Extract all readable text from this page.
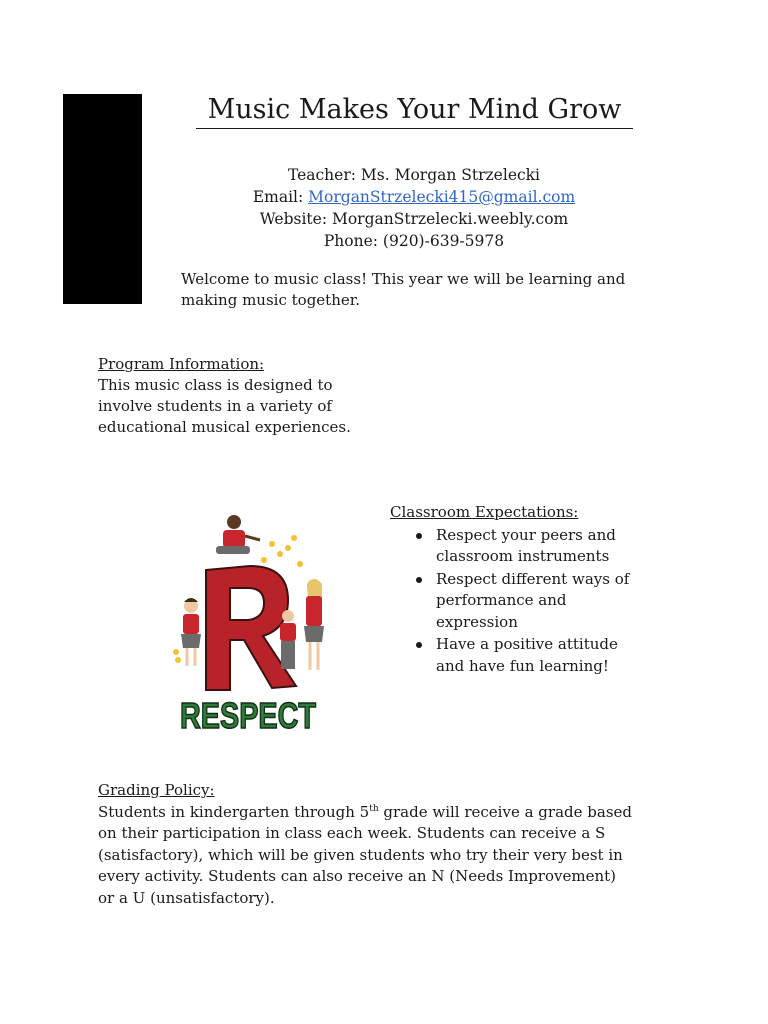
Music Makes Your Mind Grow
Teacher: Ms. Morgan Strzelecki
Email: MorganStrzelecki415@gmail.com
Website: MorganStrzelecki.weebly.com
Phone: (920)-639-5978
Welcome to music class! This year we will be learning and
making music together.
Program Information:
This music class is designed to
involve students in a variety of
educational musical experiences.
RESPECT
Classroom Expectations:
Respect your peers and
classroom instruments
Respect different ways of
performance and
expression
Have a positive attitude
and have fun learning!
Grading Policy:
Students in kindergarten through 5th grade will receive a grade based
on their participation in class each week. Students can receive a S
(satisfactory), which will be given students who try their very best in
every activity. Students can also receive an N (Needs Improvement)
or a U (unsatisfactory).
